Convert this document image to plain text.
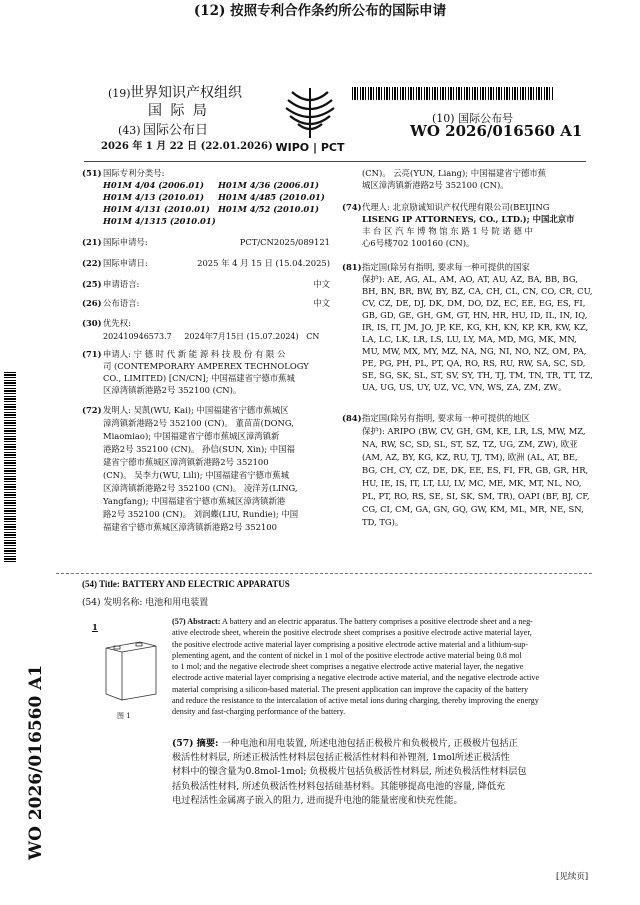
(12) 按照专利合作条约所公布的国际申请
(19) 世界知识产权组织
国 际 局
(43) 国际公布日
2026 年 1 月 22 日 (22.01.2026) WIPO | PCT
(10) 国际公布号
WO 2026/016560 A1
WO 2026/016560 A1
(51) 国际专利分类号:
H01M 4/04 (2006.01) H01M 4/36 (2006.01)
H01M 4/13 (2010.01) H01M 4/485 (2010.01)
H01M 4/131 (2010.01) H01M 4/52 (2010.01)
H01M 4/1315 (2010.01)
(21) 国际申请号:	PCT/CN2025/089121
(22) 国际申请日:	2025 年 4 月 15 日 (15.04.2025)
(25) 申请语言:	中文
(26) 公布语言:	中文
(30) 优先权:
202410946573.7     2024年7月15日 (15.07.2024)   CN
(71) 申请人: 宁 德 时 代 新 能 源 科 技 股 份 有 限 公
司 (CONTEMPORARY AMPEREX TECHNOLOGY
CO., LIMITED) [CN/CN]; 中国福建省宁德市蕉城
区漳湾镇新港路2号 352100 (CN)。
(72) 发明人: 吴凯(WU, Kai); 中国福建省宁德市蕉城区
漳湾镇新港路2号 352100 (CN)。 董苗苗(DONG,
Miaomiao); 中国福建省宁德市蕉城区漳湾镇新
港路2号 352100 (CN)。 孙信(SUN, Xin); 中国福
建省宁德市蕉城区漳湾镇新港路2号 352100
(CN)。 吴李力(WU, Lili); 中国福建省宁德市蕉城
区漳湾镇新港路2号 352100 (CN)。 凌洋芳(LING,
Yangfang); 中国福建省宁德市蕉城区漳湾镇新港
路2号 352100 (CN)。 刘润蝶(LIU, Rundie); 中国
福建省宁德市蕉城区漳湾镇新港路2号 352100
(CN)。 云亮(YUN, Liang); 中国福建省宁德市蕉
城区漳湾镇新港路2号 352100 (CN)。
(74) 代理人: 北京励诚知识产权代理有限公司(BEIJING
LISENG IP ATTORNEYS, CO., LTD.); 中国北京市
丰 台 区 汽 车 博 物 馆 东 路 1 号 院 诺 德 中
心6号楼702 100160 (CN)。
(81) 指定国(除另有指明, 要求每一种可提供的国家
保护): AE, AG, AL, AM, AO, AT, AU, AZ, BA, BB, BG,
BH, BN, BR, BW, BY, BZ, CA, CH, CL, CN, CO, CR, CU,
CV, CZ, DE, DJ, DK, DM, DO, DZ, EC, EE, EG, ES, FI,
GB, GD, GE, GH, GM, GT, HN, HR, HU, ID, IL, IN, IQ,
IR, IS, IT, JM, JO, JP, KE, KG, KH, KN, KP, KR, KW, KZ,
LA, LC, LK, LR, LS, LU, LY, MA, MD, MG, MK, MN,
MU, MW, MX, MY, MZ, NA, NG, NI, NO, NZ, OM, PA,
PE, PG, PH, PL, PT, QA, RO, RS, RU, RW, SA, SC, SD,
SE, SG, SK, SL, ST, SV, SY, TH, TJ, TM, TN, TR, TT, TZ,
UA, UG, US, UY, UZ, VC, VN, WS, ZA, ZM, ZW。
(84) 指定国(除另有指明, 要求每一种可提供的地区
保护): ARIPO (BW, CV, GH, GM, KE, LR, LS, MW, MZ,
NA, RW, SC, SD, SL, ST, SZ, TZ, UG, ZM, ZW), 欧亚
(AM, AZ, BY, KG, KZ, RU, TJ, TM), 欧洲 (AL, AT, BE,
BG, CH, CY, CZ, DE, DK, EE, ES, FI, FR, GB, GR, HR,
HU, IE, IS, IT, LT, LU, LV, MC, ME, MK, MT, NL, NO,
PL, PT, RO, RS, SE, SI, SK, SM, TR), OAPI (BF, BJ, CF,
CG, CI, CM, GA, GN, GQ, GW, KM, ML, MR, NE, SN,
TD, TG)。
(54) Title: BATTERY AND ELECTRIC APPARATUS
(54) 发明名称: 电池和用电装置
1
图 1
(57) Abstract: A battery and an electric apparatus. The battery comprises a positive electrode sheet and a neg-
ative electrode sheet, wherein the positive electrode sheet comprises a positive electrode active material layer,
the positive electrode active material layer comprising a positive electrode active material and a lithium-sup-
plementing agent, and the content of nickel in 1 mol of the positive electrode active material being 0.8 mol
to 1 mol; and the negative electrode sheet comprises a negative electrode active material layer, the negative
electrode active material layer comprising a negative electrode active material, and the negative electrode active
material comprising a silicon-based material. The present application can improve the capacity of the battery
and reduce the resistance to the intercalation of active metal ions during charging, thereby improving the energy
density and fast-charging performance of the battery.
(57) 摘要: 一种电池和用电装置, 所述电池包括正极极片和负极极片, 正极极片包括正
极活性材料层, 所述正极活性材料层包括正极活性材料和补锂剂, 1mol所述正极活性
材料中的镍含量为0.8mol-1mol; 负极极片包括负极活性材料层, 所述负极活性材料层包
括负极活性材料, 所述负极活性材料包括硅基材料。其能够提高电池的容量, 降低充
电过程活性金属离子嵌入的阻力, 进而提升电池的能量密度和快充性能。
[见续页]
